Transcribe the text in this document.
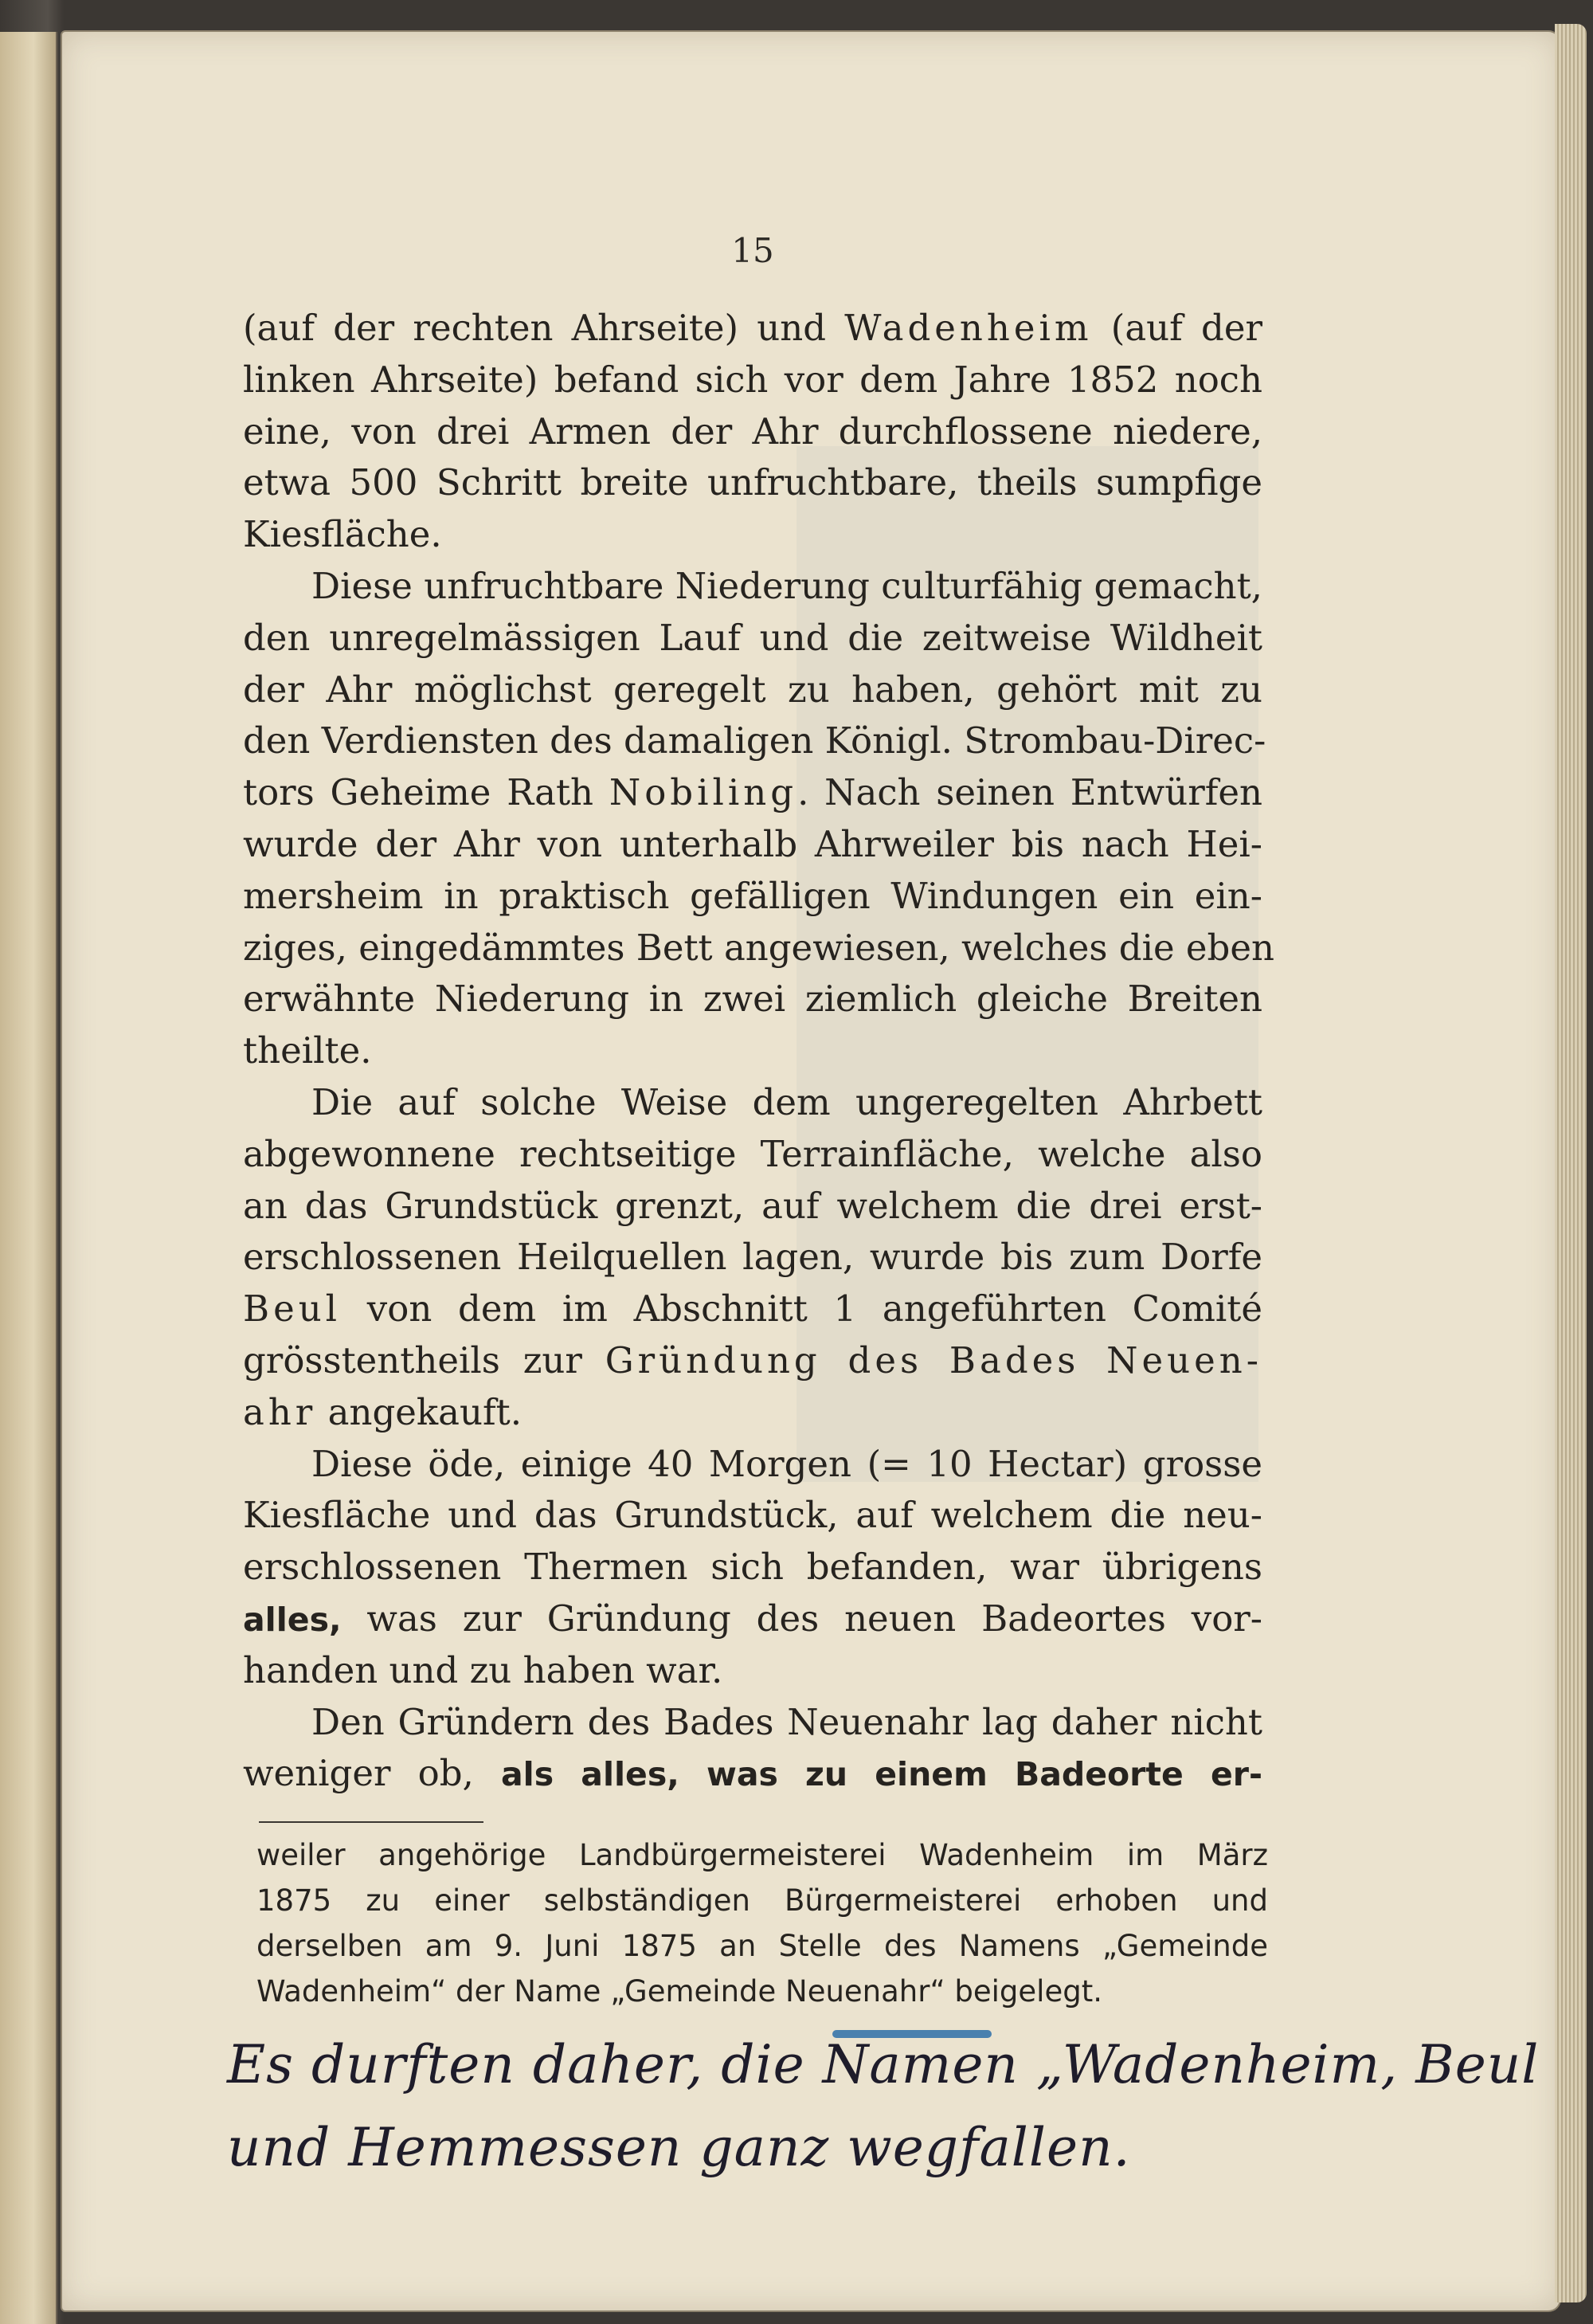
15
(auf der rechten Ahrseite) und Wadenheim (auf der
linken Ahrseite) befand sich vor dem Jahre 1852 noch
eine, von drei Armen der Ahr durchflossene niedere,
etwa 500 Schritt breite unfruchtbare, theils sumpfige
Kiesfläche.
Diese unfruchtbare Niederung culturfähig gemacht,
den unregelmässigen Lauf und die zeitweise Wildheit
der Ahr möglichst geregelt zu haben, gehört mit zu
den Verdiensten des damaligen Königl. Strombau-Direc-
tors Geheime Rath Nobiling. Nach seinen Entwürfen
wurde der Ahr von unterhalb Ahrweiler bis nach Hei-
mersheim in praktisch gefälligen Windungen ein ein-
ziges, eingedämmtes Bett angewiesen, welches die eben
erwähnte Niederung in zwei ziemlich gleiche Breiten
theilte.
Die auf solche Weise dem ungeregelten Ahrbett
abgewonnene rechtseitige Terrainfläche, welche also
an das Grundstück grenzt, auf welchem die drei erst-
erschlossenen Heilquellen lagen, wurde bis zum Dorfe
Beul von dem im Abschnitt 1 angeführten Comité
grösstentheils zur Gründung des Bades Neuen-
ahr angekauft.
Diese öde, einige 40 Morgen (= 10 Hectar) grosse
Kiesfläche und das Grundstück, auf welchem die neu-
erschlossenen Thermen sich befanden, war übrigens
alles, was zur Gründung des neuen Badeortes vor-
handen und zu haben war.
Den Gründern des Bades Neuenahr lag daher nicht
weniger ob, als alles, was zu einem Badeorte er-
weiler angehörige Landbürgermeisterei Wadenheim im März
1875 zu einer selbständigen Bürgermeisterei erhoben und
derselben am 9. Juni 1875 an Stelle des Namens „Gemeinde
Wadenheim“ der Name „Gemeinde Neuenahr“ beigelegt.
Es durften daher, die Namen „Wadenheim, Beul
und Hemmessen ganz wegfallen.
